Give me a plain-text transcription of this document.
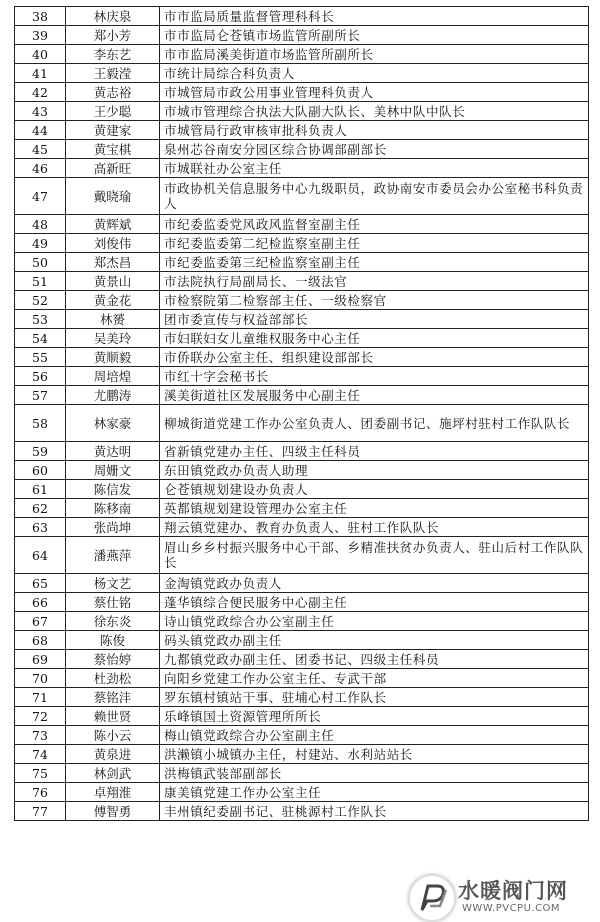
38	林庆泉	市市监局质量监督管理科科长
39	郑小芳	市市监局仑苍镇市场监管所副所长
40	李东艺	市市监局溪美街道市场监管所副所长
41	王毅滢	市统计局综合科负责人
42	黄志裕	市城管局市政公用事业管理科负责人
43	王少聪	市城市管理综合执法大队副大队长、美林中队中队长
44	黄建家	市城管局行政审核审批科负责人
45	黄宝棋	泉州芯谷南安分园区综合协调部副部长
46	高新旺	市城联社办公室主任
47	戴晓瑜	市政协机关信息服务中心九级职员，政协南安市委员会办公室秘书科负责人
48	黄辉斌	市纪委监委党风政风监督室副主任
49	刘俊伟	市纪委监委第二纪检监察室副主任
50	郑杰昌	市纪委监委第三纪检监察室副主任
51	黄景山	市法院执行局副局长、一级法官
52	黄金花	市检察院第二检察部主任、一级检察官
53	林赟	团市委宣传与权益部部长
54	吴美玲	市妇联妇女儿童维权服务中心主任
55	黄顺毅	市侨联办公室主任、组织建设部部长
56	周培煌	市红十字会秘书长
57	尤鹏涛	溪美街道社区发展服务中心副主任
58	林家豪	柳城街道党建工作办公室负责人、团委副书记、施坪村驻村工作队队长
59	黄达明	省新镇党建办主任、四级主任科员
60	周姗文	东田镇党政办负责人助理
61	陈信发	仑苍镇规划建设办负责人
62	陈移南	英都镇规划建设管理办公室主任
63	张尚坤	翔云镇党建办、教育办负责人、驻村工作队队长
64	潘燕萍	眉山乡乡村振兴服务中心干部、乡精准扶贫办负责人、驻山后村工作队队长
65	杨文艺	金淘镇党政办负责人
66	蔡仕铭	蓬华镇综合便民服务中心副主任
67	徐东炎	诗山镇党政综合办公室副主任
68	陈俊	码头镇党政办副主任
69	蔡怡婷	九都镇党政办副主任、团委书记、四级主任科员
70	杜劲松	向阳乡党建工作办公室主任、专武干部
71	蔡铭沣	罗东镇村镇站干事、驻埔心村工作队长
72	赖世贤	乐峰镇国土资源管理所所长
73	陈小云	梅山镇党政综合办公室副主任
74	黄泉进	洪濑镇小城镇办主任，村建站、水利站站长
75	林剑武	洪梅镇武装部副部长
76	卓翔淮	康美镇党建工作办公室主任
77	傅智勇	丰州镇纪委副书记、驻桃源村工作队长
水暖阀门网
WWW.PVCPU.COM
